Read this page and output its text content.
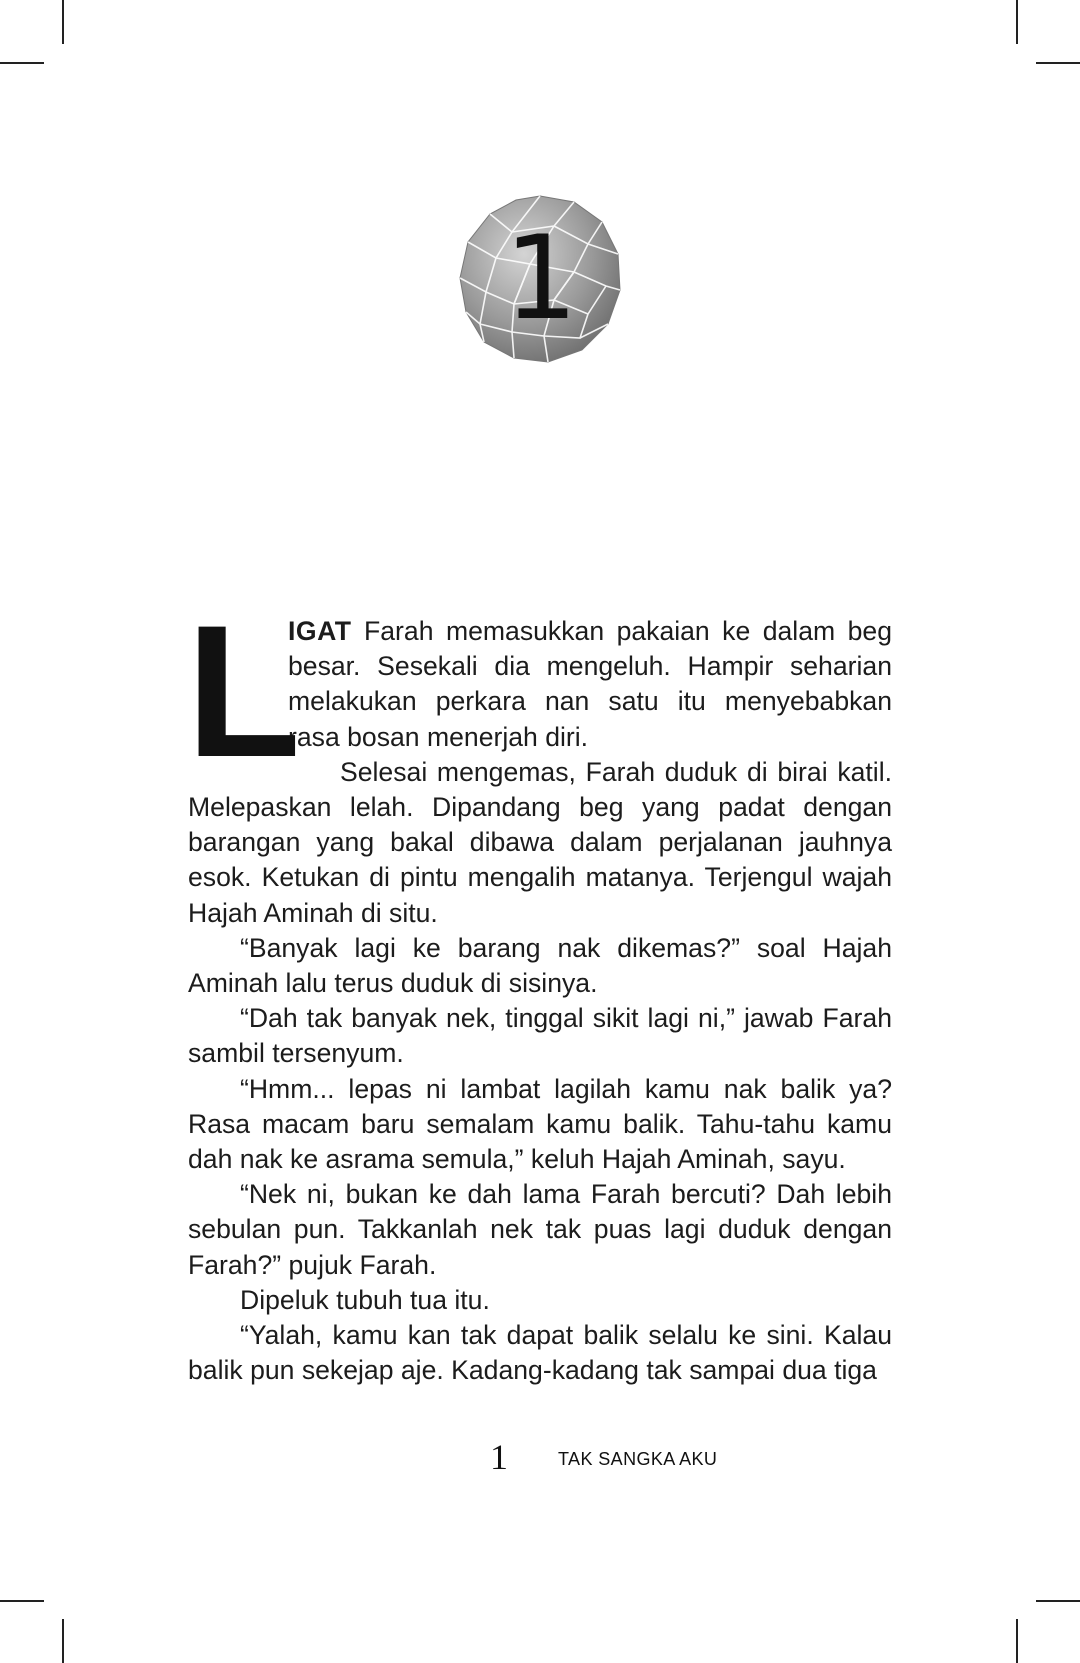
1

L
IGAT Farah memasukkan pakaian ke dalam beg besar. Sesekali dia mengeluh. Hampir seharian melakukan perkara nan satu itu menyebabkan rasa bosan menerjah diri.

Selesai mengemas, Farah duduk di birai katil. Melepaskan lelah. Dipandang beg yang padat dengan barangan yang bakal dibawa dalam perjalanan jauhnya esok. Ketukan di pintu mengalih matanya. Terjengul wajah Hajah Aminah di situ.

“Banyak lagi ke barang nak dikemas?” soal Hajah Aminah lalu terus duduk di sisinya.

“Dah tak banyak nek, tinggal sikit lagi ni,” jawab Farah sambil tersenyum.

“Hmm... lepas ni lambat lagilah kamu nak balik ya? Rasa macam baru semalam kamu balik. Tahu-tahu kamu dah nak ke asrama semula,” keluh Hajah Aminah, sayu.

“Nek ni, bukan ke dah lama Farah bercuti? Dah lebih sebulan pun. Takkanlah nek tak puas lagi duduk dengan Farah?” pujuk Farah.

Dipeluk tubuh tua itu.

“Yalah, kamu kan tak dapat balik selalu ke sini. Kalau balik pun sekejap aje. Kadang-kadang tak sampai dua tiga

1	TAK SANGKA AKU
